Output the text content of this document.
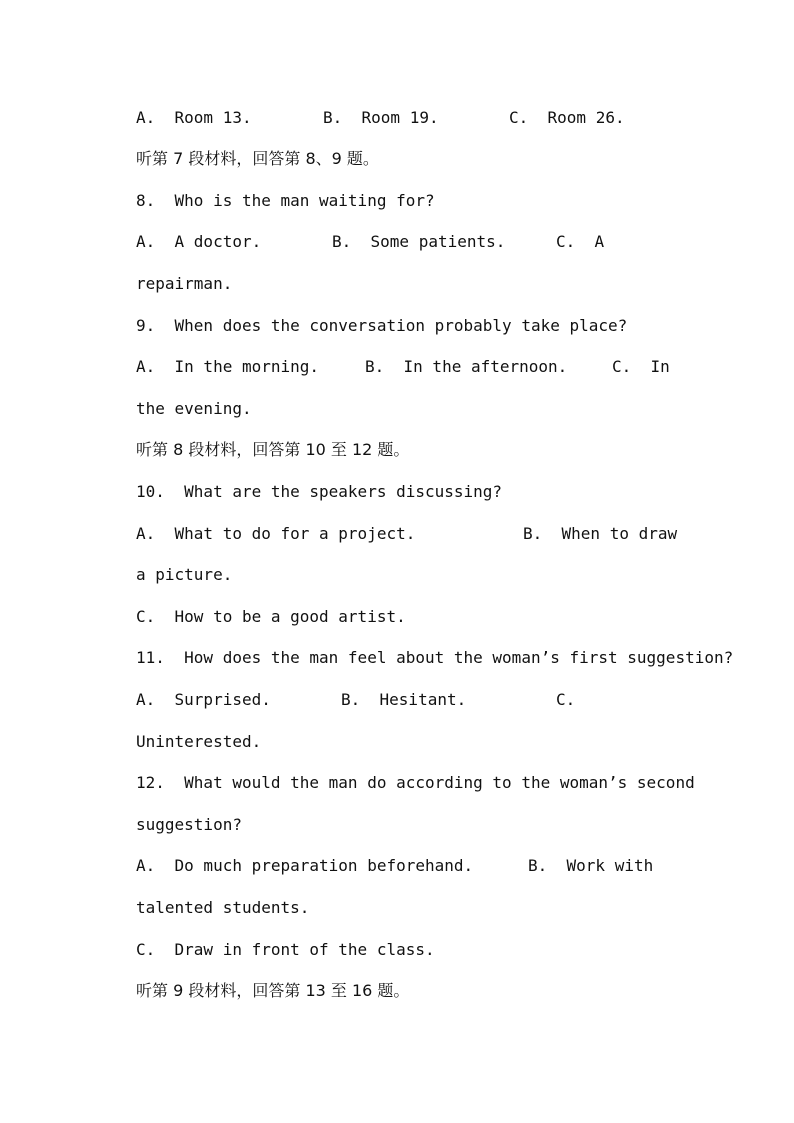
A.  Room 13.	B.  Room 19.	C.  Room 26.
听第 7 段材料，回答第 8、9 题。
8.  Who is the man waiting for?
A.  A doctor.	B.  Some patients.	C.  A
repairman.
9.  When does the conversation probably take place?
A.  In the morning.	B.  In the afternoon.	C.  In
the evening.
听第 8 段材料，回答第 10 至 12 题。
10.  What are the speakers discussing?
A.  What to do for a project.	B.  When to draw
a picture.
C.  How to be a good artist.
11.  How does the man feel about the woman’s first suggestion?
A.  Surprised.	B.  Hesitant.	C.
Uninterested.
12.  What would the man do according to the woman’s second
suggestion?
A.  Do much preparation beforehand.	B.  Work with
talented students.
C.  Draw in front of the class.
听第 9 段材料，回答第 13 至 16 题。
